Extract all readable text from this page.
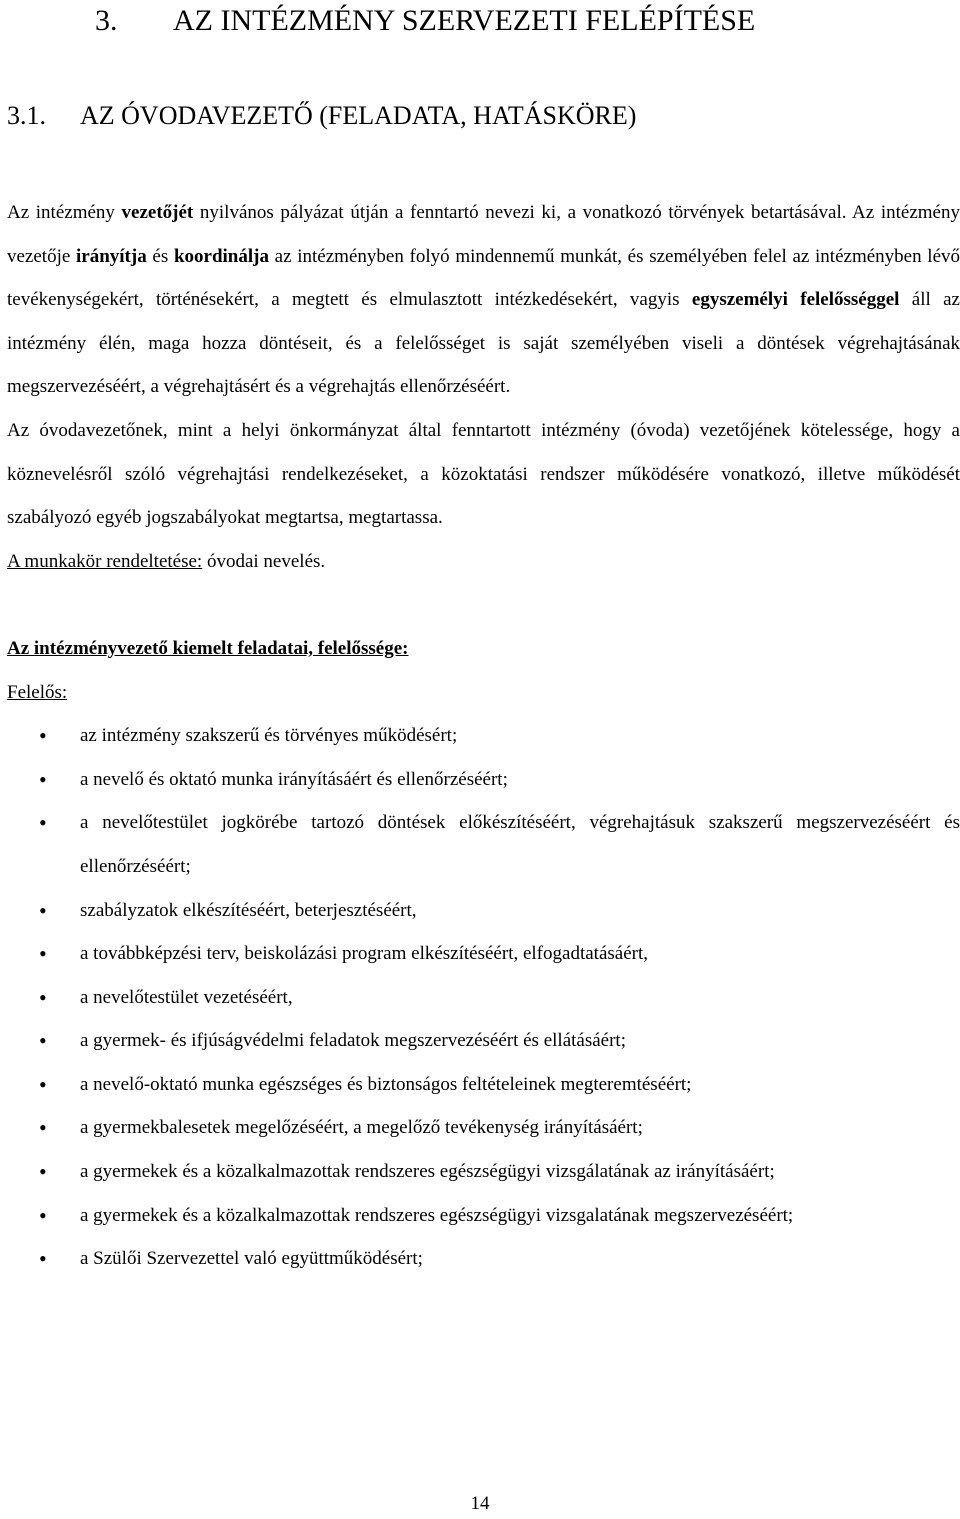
3. AZ INTÉZMÉNY SZERVEZETI FELÉPÍTÉSE
3.1. AZ ÓVODAVEZETŐ (FELADATA, HATÁSKÖRE)

Az intézmény vezetőjét nyilvános pályázat útján a fenntartó nevezi ki, a vonatkozó törvények betartásával. Az intézmény vezetője irányítja és koordinálja az intézményben folyó mindennemű munkát, és személyében felel az intézményben lévő tevékenységekért, történésekért, a megtett és elmulasztott intézkedésekért, vagyis egyszemélyi felelősséggel áll az intézmény élén, maga hozza döntéseit, és a felelősséget is saját személyében viseli a döntések végrehajtásának megszervezéséért, a végrehajtásért és a végrehajtás ellenőrzéséért.

Az óvodavezetőnek, mint a helyi önkormányzat által fenntartott intézmény (óvoda) vezetőjének kötelessége, hogy a köznevelésről szóló végrehajtási rendelkezéseket, a közoktatási rendszer működésére vonatkozó, illetve működését szabályozó egyéb jogszabályokat megtartsa, megtartassa.

A munkakör rendeltetése: óvodai nevelés.

Az intézményvezető kiemelt feladatai, felelőssége:

Felelős:

• az intézmény szakszerű és törvényes működésért;
• a nevelő és oktató munka irányításáért és ellenőrzéséért;
• a nevelőtestület jogkörébe tartozó döntések előkészítéséért, végrehajtásuk szakszerű megszervezéséért és ellenőrzéséért;
• szabályzatok elkészítéséért, beterjesztéséért,
• a továbbképzési terv, beiskolázási program elkészítéséért, elfogadtatásáért,
• a nevelőtestület vezetéséért,
• a gyermek- és ifjúságvédelmi feladatok megszervezéséért és ellátásáért;
• a nevelő-oktató munka egészséges és biztonságos feltételeinek megteremtéséért;
• a gyermekbalesetek megelőzéséért, a megelőző tevékenység irányításáért;
• a gyermekek és a közalkalmazottak rendszeres egészségügyi vizsgálatának az irányításáért;
• a gyermekek és a közalkalmazottak rendszeres egészségügyi vizsgalatának megszervezéséért;
• a Szülői Szervezettel való együttműködésért;
14
